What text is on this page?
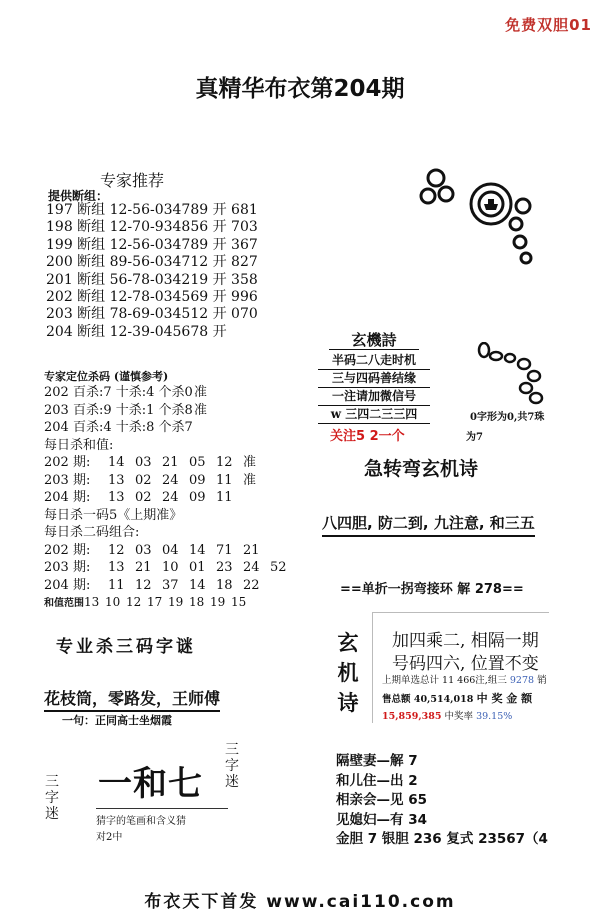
免费双胆01
真精华布衣第204期
专家推荐
提供断组：
197 断组 12-56-034789 开 681
198 断组 12-70-934856 开 703
199 断组 12-56-034789 开 367
200 断组 89-56-034712 开 827
201 断组 56-78-034219 开 358
202 断组 12-78-034569 开 996
203 断组 78-69-034512 开 070
204 断组 12-39-045678 开
专家定位杀码 (谨慎参考)
202 百杀:7 十杀:4 个杀0准
203 百杀:9 十杀:1 个杀8准
204 百杀:4 十杀:8 个杀7
每日杀和值:
202 期: 14 03 21 05 12 准
203 期: 13 02 24 09 11 准
204 期: 13 02 24 09 11
每日杀一码5《上期准》
每日杀二码组合:
202 期: 12 03 04 14 71 21
203 期: 13 21 10 01 23 24 52
204 期: 11 12 37 14 18 22
和值范围13 10 12 17 19 18 19 15
专业杀三码字谜
花枝筒，零路发，王师傅
一句：正同高士坐烟霞
一和七
猜字的笔画和含义猜
对2中
三字迷
三字迷
玄機詩
半码二八走时机
三与四码善结缘
一注请加微信号
w 三四二三三四
关注5 2一个
0字形为0,共7珠
为7
急转弯玄机诗
八四胆, 防二到, 九注意, 和三五
==单折一拐弯接环 解 278==
玄
机
诗
加四乘二, 相隔一期
号码四六, 位置不变
上期单选总计 11 466注,组三 9278 销
售总额 40,514,018 中 奖 金 额
15,859,385 中奖率 39.15%
隔壁妻—解 7
和儿住—出 2
相亲会—见 65
见媳妇—有 34
金胆 7 银胆 236 复式 23567（4
布衣天下首发 www.cai110.com
